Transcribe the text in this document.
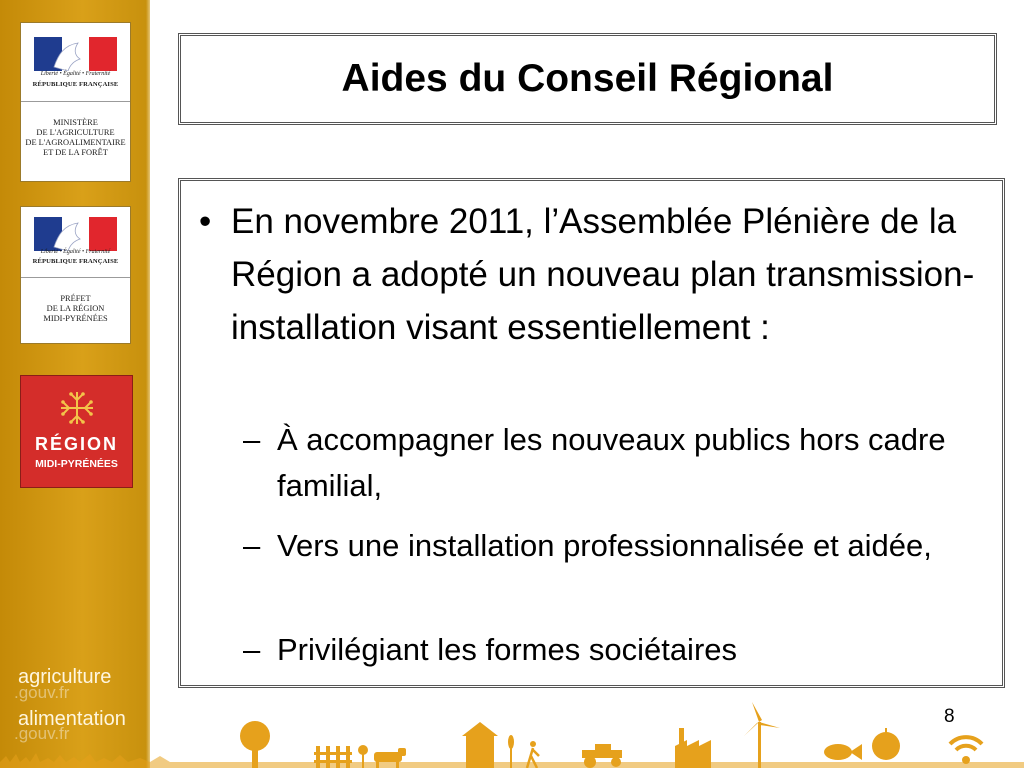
Liberté • Égalité • Fraternité
RÉPUBLIQUE FRANÇAISE
MINISTÈRE
DE L'AGRICULTURE
DE L'AGROALIMENTAIRE
ET DE LA FORÊT
Liberté • Égalité • Fraternité
RÉPUBLIQUE FRANÇAISE
PRÉFET
DE LA RÉGION
MIDI-PYRÉNÉES
RÉGION
MIDI-PYRÉNÉES
agriculture
.gouv.fr
alimentation
.gouv.fr
Aides du Conseil Régional
• En novembre 2011, l’Assemblée Plénière de la Région a adopté un nouveau plan transmission-installation visant essentiellement :
– À accompagner les nouveaux publics hors cadre familial,
– Vers une installation professionnalisée et aidée,
– Privilégiant les formes sociétaires
8
